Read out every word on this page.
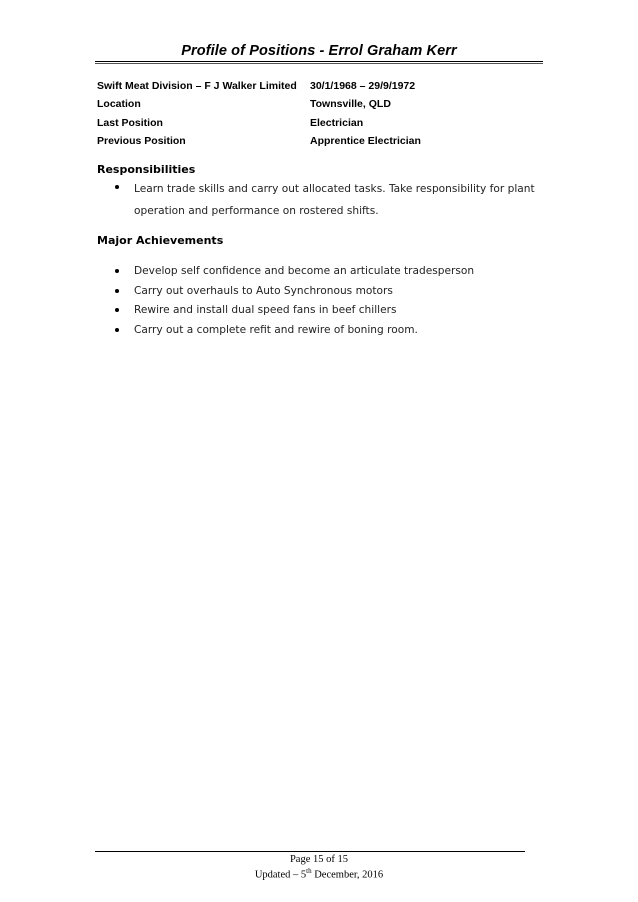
Profile of Positions - Errol Graham Kerr
Swift Meat Division – F J Walker Limited	30/1/1968 – 29/9/1972
Location	Townsville, QLD
Last Position	Electrician
Previous Position	Apprentice Electrician
Responsibilities
Learn trade skills and carry out allocated tasks. Take responsibility for plant operation and performance on rostered shifts.
Major Achievements
Develop self confidence and become an articulate tradesperson
Carry out overhauls to Auto Synchronous motors
Rewire and install dual speed fans in beef chillers
Carry out a complete refit and rewire of boning room.
Page 15 of 15
Updated – 5th December, 2016
